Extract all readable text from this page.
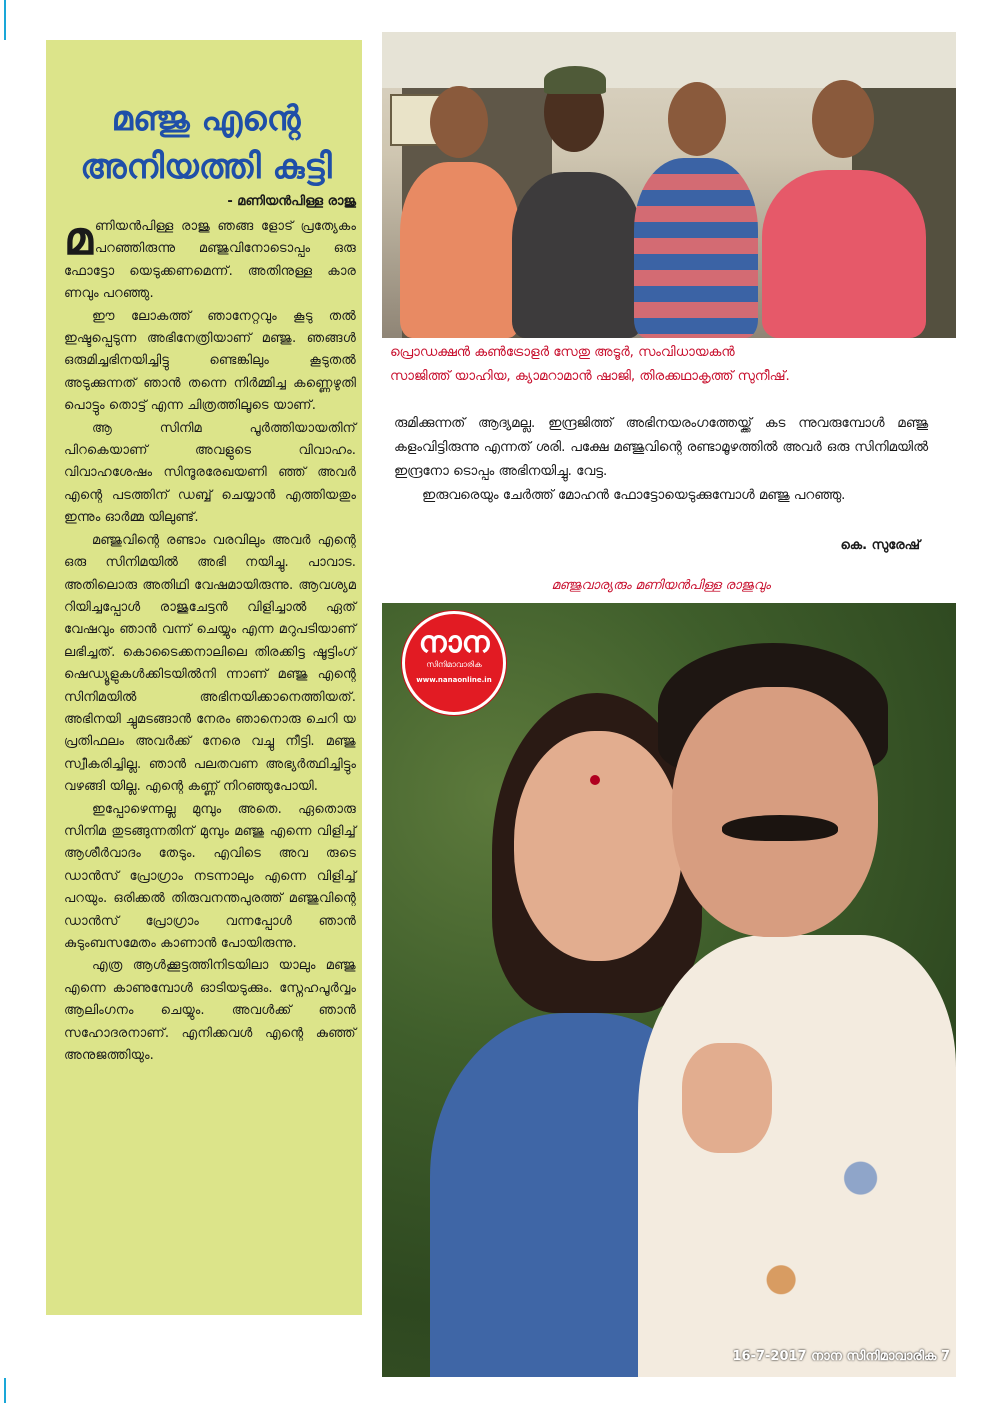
മഞ്ജു എന്റെ
അനിയത്തി കുട്ടി
- മണിയൻപിള്ള രാജു

മണിയൻപിള്ള രാജു ഞങ്ങ ളോട് പ്രത്യേകം പറഞ്ഞിരുന്നു മഞ്ജുവിനോടൊപ്പം ഒരു ഫോട്ടോ യെടുക്കണമെന്ന്. അതിനുള്ള കാര ണവും പറഞ്ഞു.

ഈ ലോകത്ത് ഞാനേറ്റവും കൂടു തൽ ഇഷ്ടപ്പെടുന്ന അഭിനേത്രിയാണ് മഞ്ജു. ഞങ്ങൾ ഒരുമിച്ചഭിനയിച്ചിട്ടു ണ്ടെങ്കിലും കൂടുതൽ അടുക്കുന്നത് ഞാൻ തന്നെ നിർമ്മിച്ച കണ്ണെഴുതി പൊട്ടും തൊട്ട് എന്ന ചിത്രത്തിലൂടെ യാണ്.

ആ സിനിമ പൂർത്തിയായതിന് പിറകെയാണ് അവളുടെ വിവാഹം. വിവാഹശേഷം സിന്ദൂരരേഖയണി ഞ്ഞ് അവർ എന്റെ പടത്തിന് ഡബ്ബ് ചെയ്യാൻ എത്തിയതും ഇന്നും ഓർമ്മ യിലുണ്ട്.

മഞ്ജുവിന്റെ രണ്ടാം വരവിലും അവർ എന്റെ ഒരു സിനിമയിൽ അഭി നയിച്ചു. പാവാട. അതിലൊരു അതിഥി വേഷമായിരുന്നു. ആവശ്യമ റിയിച്ചപ്പോൾ രാജുചേട്ടൻ വിളിച്ചാൽ ഏത് വേഷവും ഞാൻ വന്ന് ചെയ്യും എന്ന മറുപടിയാണ് ലഭിച്ചത്. കൊടൈക്കനാലിലെ തിരക്കിട്ട ഷൂട്ടിംഗ് ഷെഡ്യൂളുകൾക്കിടയിൽനി ന്നാണ് മഞ്ജു എന്റെ സിനിമയിൽ അഭിനയിക്കാനെത്തിയത്. അഭിനയി ച്ചുമടങ്ങാൻ നേരം ഞാനൊരു ചെറി യ പ്രതിഫലം അവർക്ക് നേരെ വച്ചു നീട്ടി. മഞ്ജു സ്വീകരിച്ചില്ല. ഞാൻ പലതവണ അഭ്യർത്ഥിച്ചിട്ടും വഴങ്ങി യില്ല. എന്റെ കണ്ണ് നിറഞ്ഞുപോയി.

ഇപ്പോഴെന്നല്ല മുമ്പും അതെ. ഏതൊരു സിനിമ തുടങ്ങുന്നതിന് മുമ്പും മഞ്ജു എന്നെ വിളിച്ച് ആശീർവാദം തേടും. എവിടെ അവ രുടെ ഡാൻസ് പ്രോഗ്രാം നടന്നാലും എന്നെ വിളിച്ച് പറയും. ഒരിക്കൽ തിരുവനന്തപുരത്ത് മഞ്ജുവിന്റെ ഡാൻസ് പ്രോഗ്രാം വന്നപ്പോൾ ഞാൻ കുടുംബസമേതം കാണാൻ പോയിരുന്നു.

എത്ര ആൾക്കൂട്ടത്തിനിടയിലാ യാലും മഞ്ജു എന്നെ കാണുമ്പോൾ ഓടിയടുക്കും. സ്നേഹപൂർവ്വം ആലിംഗനം ചെയ്യും. അവൾക്ക് ഞാൻ സഹോദരനാണ്. എനിക്കവൾ എന്റെ കുഞ്ഞ് അനുജത്തിയും.

പ്രൊഡക്ഷൻ കൺട്രോളർ സേതു അടൂർ, സംവിധായകൻ
സാജിത്ത് യാഹിയ, ക്യാമറാമാൻ ഷാജി, തിരക്കഥാകൃത്ത് സുനീഷ്.

രുമിക്കുന്നത് ആദ്യമല്ല. ഇന്ദ്രജിത്ത് അഭിനയരംഗത്തേയ്ക്ക് കട ന്നുവരുമ്പോൾ മഞ്ജു കളംവിട്ടിരുന്നു എന്നത് ശരി. പക്ഷേ മഞ്ജുവിന്റെ രണ്ടാമൂഴത്തിൽ അവർ ഒരു സിനിമയിൽ ഇന്ദ്രനോ ടൊപ്പം അഭിനയിച്ചു. വേട്ട.

ഇരുവരെയും ചേർത്ത് മോഹൻ ഫോട്ടോയെടുക്കുമ്പോൾ മഞ്ജു പറഞ്ഞു.

കെ. സുരേഷ്
മഞ്ജുവാര്യരും മണിയൻപിള്ള രാജുവും
നാന
സിനിമാവാരിക
www.nanaonline.in
16-7-2017 നാന സിനിമാവാരിക 7
